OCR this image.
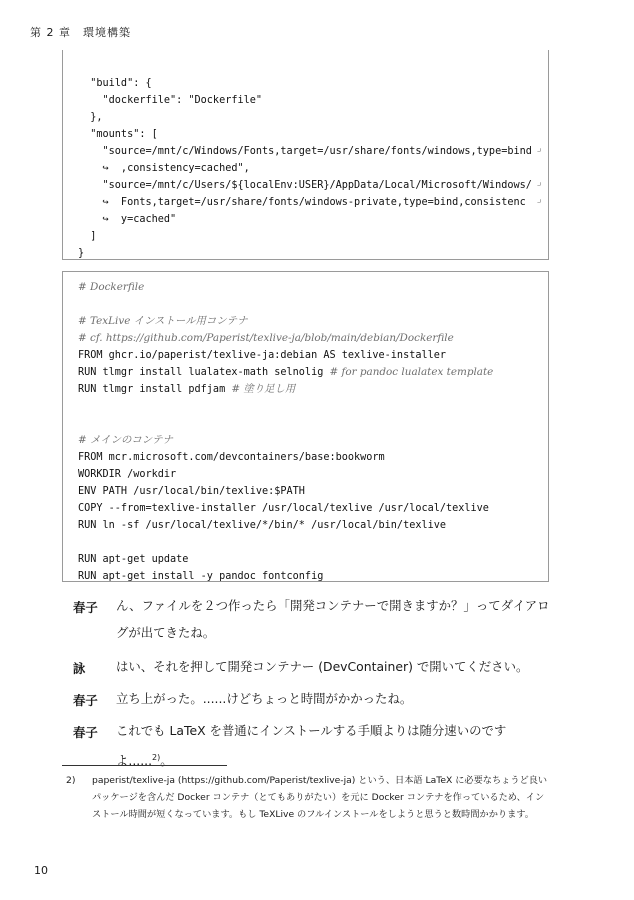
第 2 章　環境構築
"build": {
"dockerfile": "Dockerfile"
},
"mounts": [
"source=/mnt/c/Windows/Fonts,target=/usr/share/fonts/windows,type=bind
↪  ,consistency=cached",
"source=/mnt/c/Users/${localEnv:USER}/AppData/Local/Microsoft/Windows/
↪  Fonts,target=/usr/share/fonts/windows-private,type=bind,consistenc
↪  y=cached"
]
}
⌟
⌟
⌟
# Dockerfile
# TexLive インストール用コンテナ
# cf. https://github.com/Paperist/texlive-ja/blob/main/debian/Dockerfile
FROM ghcr.io/paperist/texlive-ja:debian AS texlive-installer
RUN tlmgr install lualatex-math selnolig # for pandoc lualatex template
RUN tlmgr install pdfjam # 塗り足し用
# メインのコンテナ
FROM mcr.microsoft.com/devcontainers/base:bookworm
WORKDIR /workdir
ENV PATH /usr/local/bin/texlive:$PATH
COPY --from=texlive-installer /usr/local/texlive /usr/local/texlive
RUN ln -sf /usr/local/texlive/*/bin/* /usr/local/bin/texlive
RUN apt-get update
RUN apt-get install -y pandoc fontconfig
春子 ん、ファイルを２つ作ったら「開発コンテナーで開きますか？」ってダイアログが出てきたね。
詠 はい、それを押して開発コンテナー (DevContainer) で開いてください。
春子 立ち上がった。......けどちょっと時間がかかったね。
春子 これでも LaTeX を普通にインストールする手順よりは随分速いのですよ......$^{2)}$。
2) paperist/texlive-ja (https://github.com/Paperist/texlive-ja) という、日本語 LaTeX に必要なちょうど良いパッケージを含んだ Docker コンテナ（とてもありがたい）を元に Docker コンテナを作っているため、インストール時間が短くなっています。もし TeXLive のフルインストールをしようと思うと数時間かかります。
10
